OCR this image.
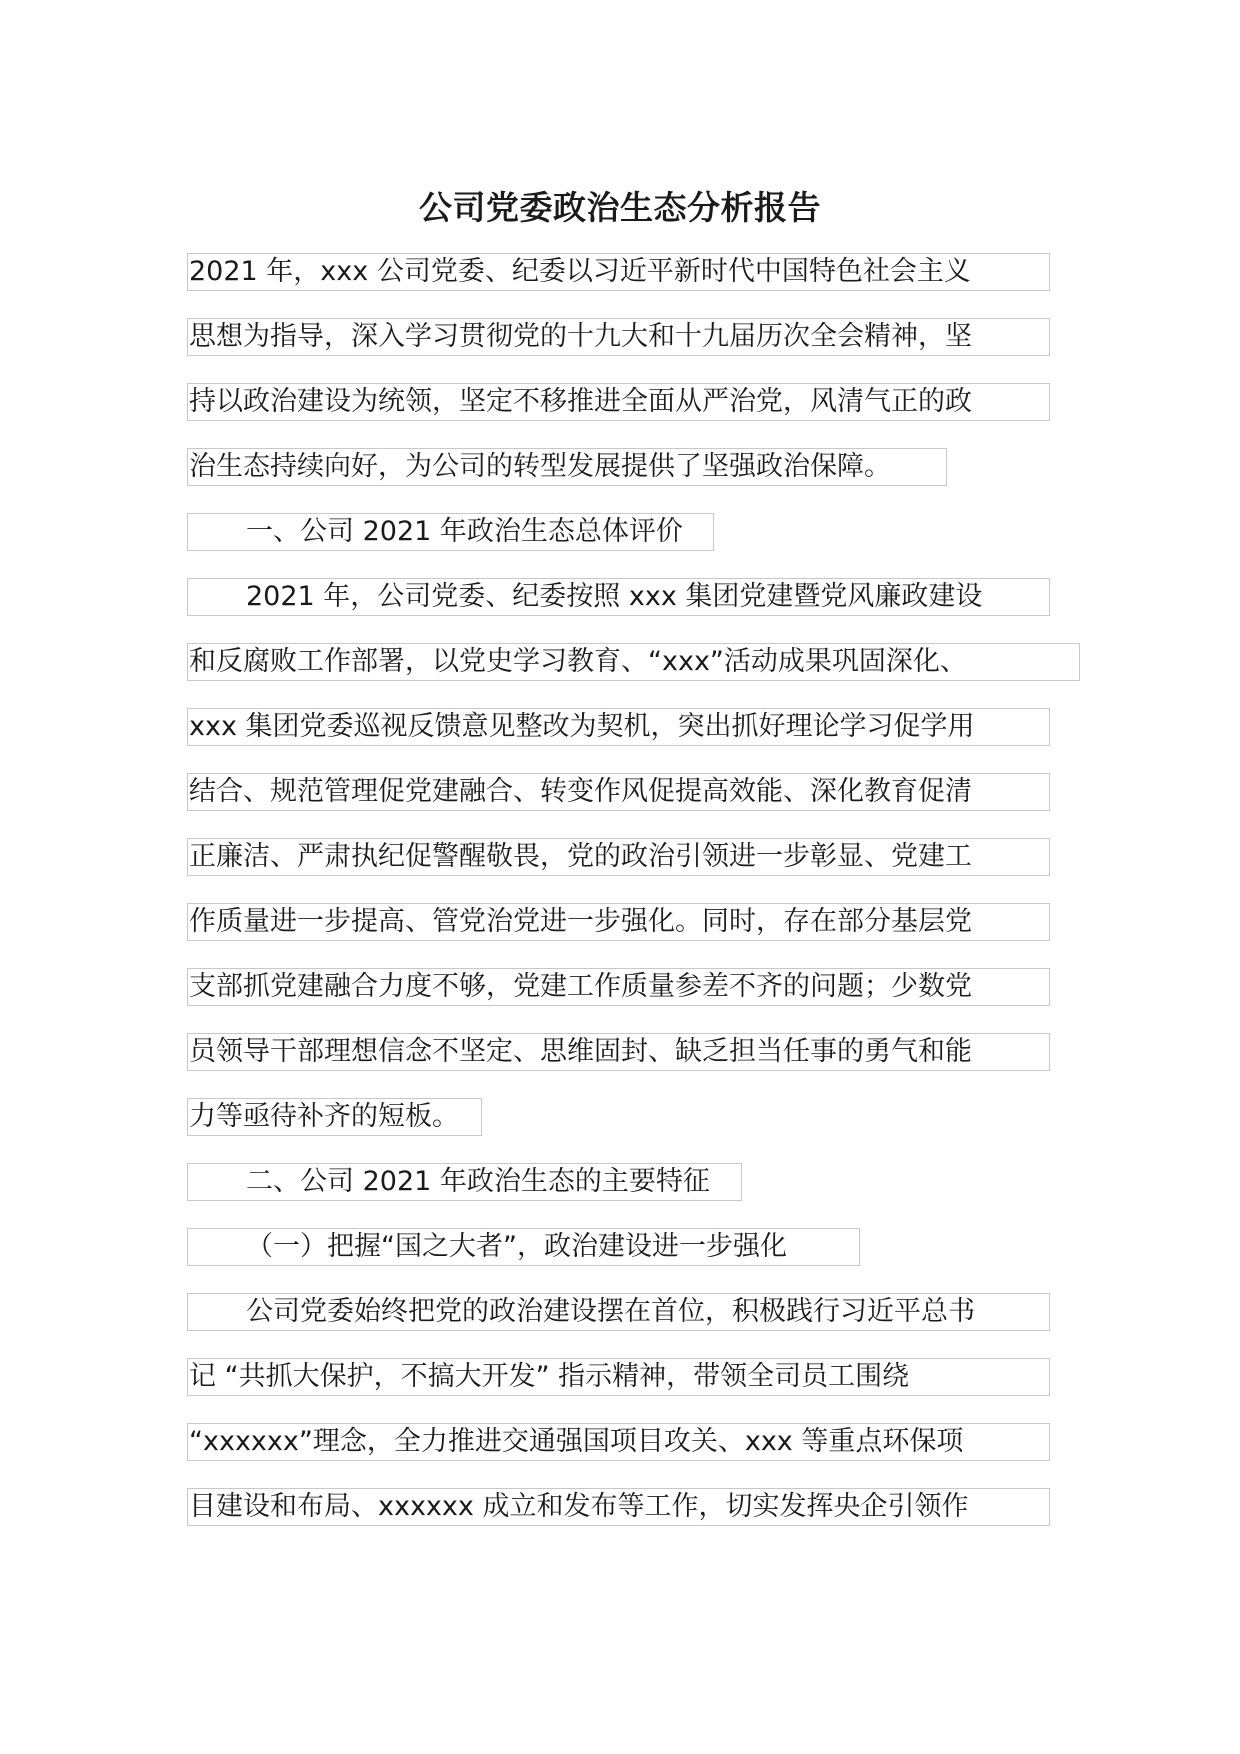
公司党委政治生态分析报告
2021 年，xxx 公司党委、纪委以习近平新时代中国特色社会主义
思想为指导，深入学习贯彻党的十九大和十九届历次全会精神，坚
持以政治建设为统领，坚定不移推进全面从严治党，风清气正的政
治生态持续向好，为公司的转型发展提供了坚强政治保障。
一、公司 2021 年政治生态总体评价
2021 年，公司党委、纪委按照 xxx 集团党建暨党风廉政建设
和反腐败工作部署，以党史学习教育、“xxx”活动成果巩固深化、
xxx 集团党委巡视反馈意见整改为契机，突出抓好理论学习促学用
结合、规范管理促党建融合、转变作风促提高效能、深化教育促清
正廉洁、严肃执纪促警醒敬畏，党的政治引领进一步彰显、党建工
作质量进一步提高、管党治党进一步强化。同时，存在部分基层党
支部抓党建融合力度不够，党建工作质量参差不齐的问题；少数党
员领导干部理想信念不坚定、思维固封、缺乏担当任事的勇气和能
力等亟待补齐的短板。
二、公司 2021 年政治生态的主要特征
（一）把握“国之大者”，政治建设进一步强化
公司党委始终把党的政治建设摆在首位，积极践行习近平总书
记 “共抓大保护，不搞大开发” 指示精神，带领全司员工围绕
“xxxxxx”理念，全力推进交通强国项目攻关、xxx 等重点环保项
目建设和布局、xxxxxx 成立和发布等工作，切实发挥央企引领作
